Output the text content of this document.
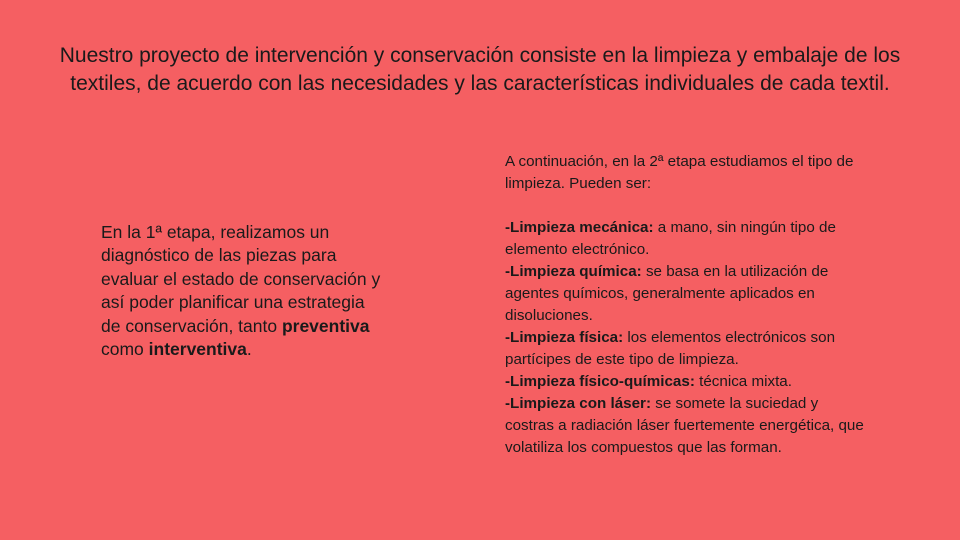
Nuestro proyecto de intervención y conservación consiste en la limpieza y embalaje de los textiles, de acuerdo con las necesidades y las características individuales de cada textil.
En la 1ª etapa, realizamos un diagnóstico de las piezas para evaluar el estado de conservación y así poder planificar una estrategia de conservación, tanto preventiva como interventiva.

A continuación, en la 2ª etapa estudiamos el tipo de limpieza. Pueden ser:

-Limpieza mecánica: a mano, sin ningún tipo de elemento electrónico.

-Limpieza química: se basa en la utilización de agentes químicos, generalmente aplicados en disoluciones.

-Limpieza física: los elementos electrónicos son partícipes de este tipo de limpieza.

-Limpieza físico-químicas: técnica mixta.

-Limpieza con láser: se somete la suciedad y costras a radiación láser fuertemente energética, que volatiliza los compuestos que las forman.
